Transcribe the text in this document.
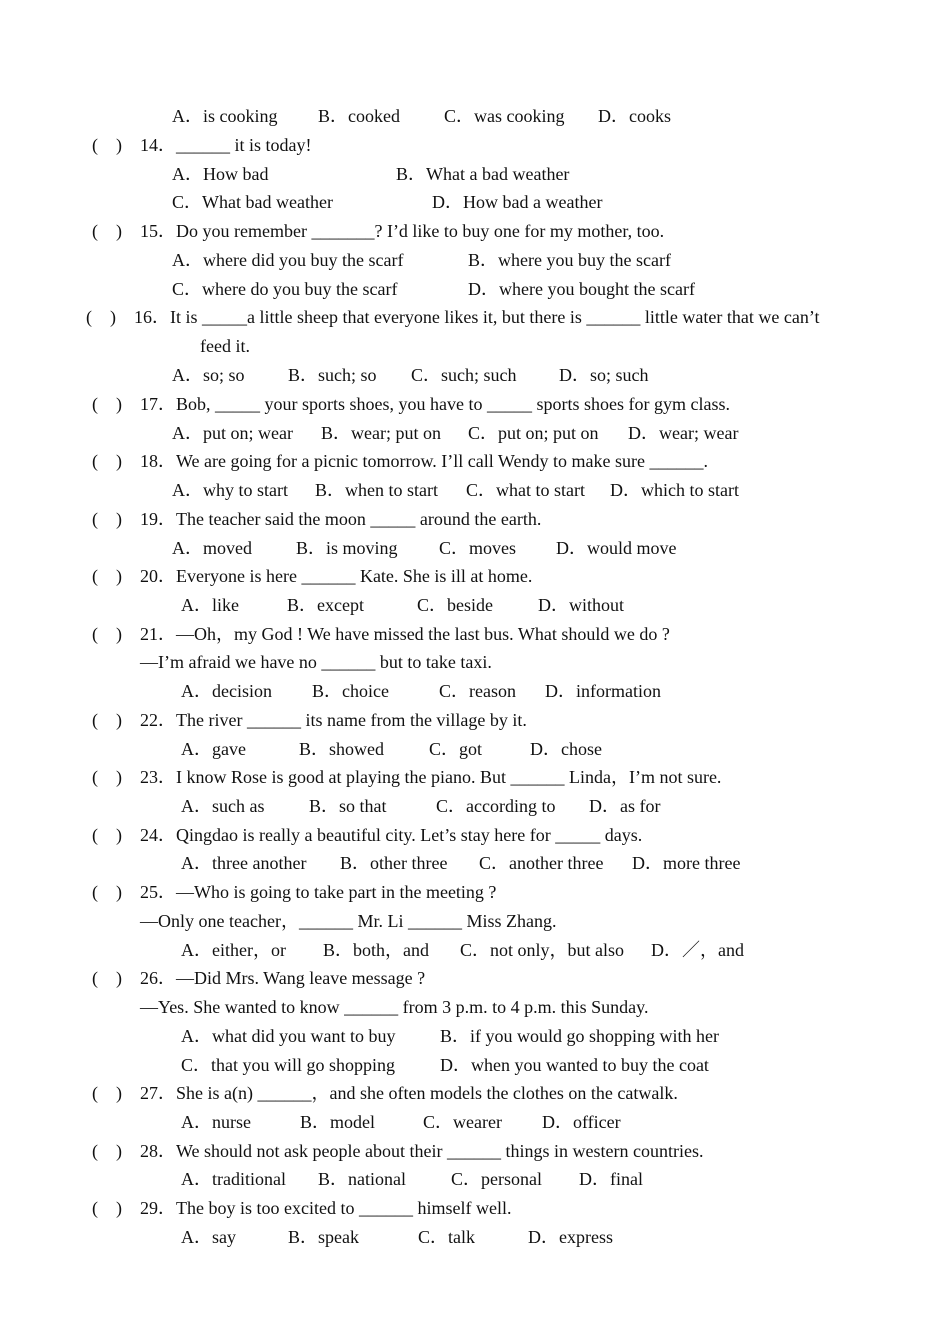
A．is cooking B．cooked C．was cooking D．cooks
(    ) 14．______ it is today!
A．How bad	B．What a bad weather
C．What bad weather	D．How bad a weather
(    ) 15．Do you remember _______? I’d like to buy one for my mother, too.
A．where did you buy the scarf	B．where you buy the scarf
C．where do you buy the scarf	D．where you bought the scarf
(    ) 16．It is _____a little sheep that everyone likes it, but there is ______ little water that we can’t
feed it.
A．so; so B．such; so C．such; such D．so; such
(    ) 17．Bob, _____ your sports shoes, you have to _____ sports shoes for gym class.
A．put on; wear B．wear; put on C．put on; put on D．wear; wear
(    ) 18．We are going for a picnic tomorrow. I’ll call Wendy to make sure ______.
A．why to start B．when to start C．what to start D．which to start
(    ) 19．The teacher said the moon _____ around the earth.
A．moved B．is moving C．moves D．would move
(    ) 20．Everyone is here ______ Kate. She is ill at home.
A．like	B．except	C．beside	D．without
(    ) 21．—Oh，my God ! We have missed the last bus. What should we do ?
—I’m afraid we have no ______ but to take taxi.
A．decision B．choice	C．reason D．information
(    ) 22．The river ______ its name from the village by it.
A．gave	B．showed	C．got	D．chose
(    ) 23．I know Rose is good at playing the piano. But ______ Linda，I’m not sure.
A．such as B．so that	C．according to D．as for
(    ) 24．Qingdao is really a beautiful city. Let’s stay here for _____ days.
A．three another B．other three C．another three D．more three
(    ) 25．—Who is going to take part in the meeting ?
—Only one teacher，______ Mr. Li ______ Miss Zhang.
A．either，or B．both，and C．not only，but also D．／，and
(    ) 26．—Did Mrs. Wang leave message ?
—Yes. She wanted to know ______ from 3 p.m. to 4 p.m. this Sunday.
A．what did you want to buy B．if you would go shopping with her
C．that you will go shopping D．when you wanted to buy the coat
(    ) 27．She is a(n) ______，and she often models the clothes on the catwalk.
A．nurse	B．model	C．wearer D．officer
(    ) 28．We should not ask people about their ______ things in western countries.
A．traditional B．national	C．personal D．final
(    ) 29．The boy is too excited to ______ himself well.
A．say	B．speak	C．talk	D．express
